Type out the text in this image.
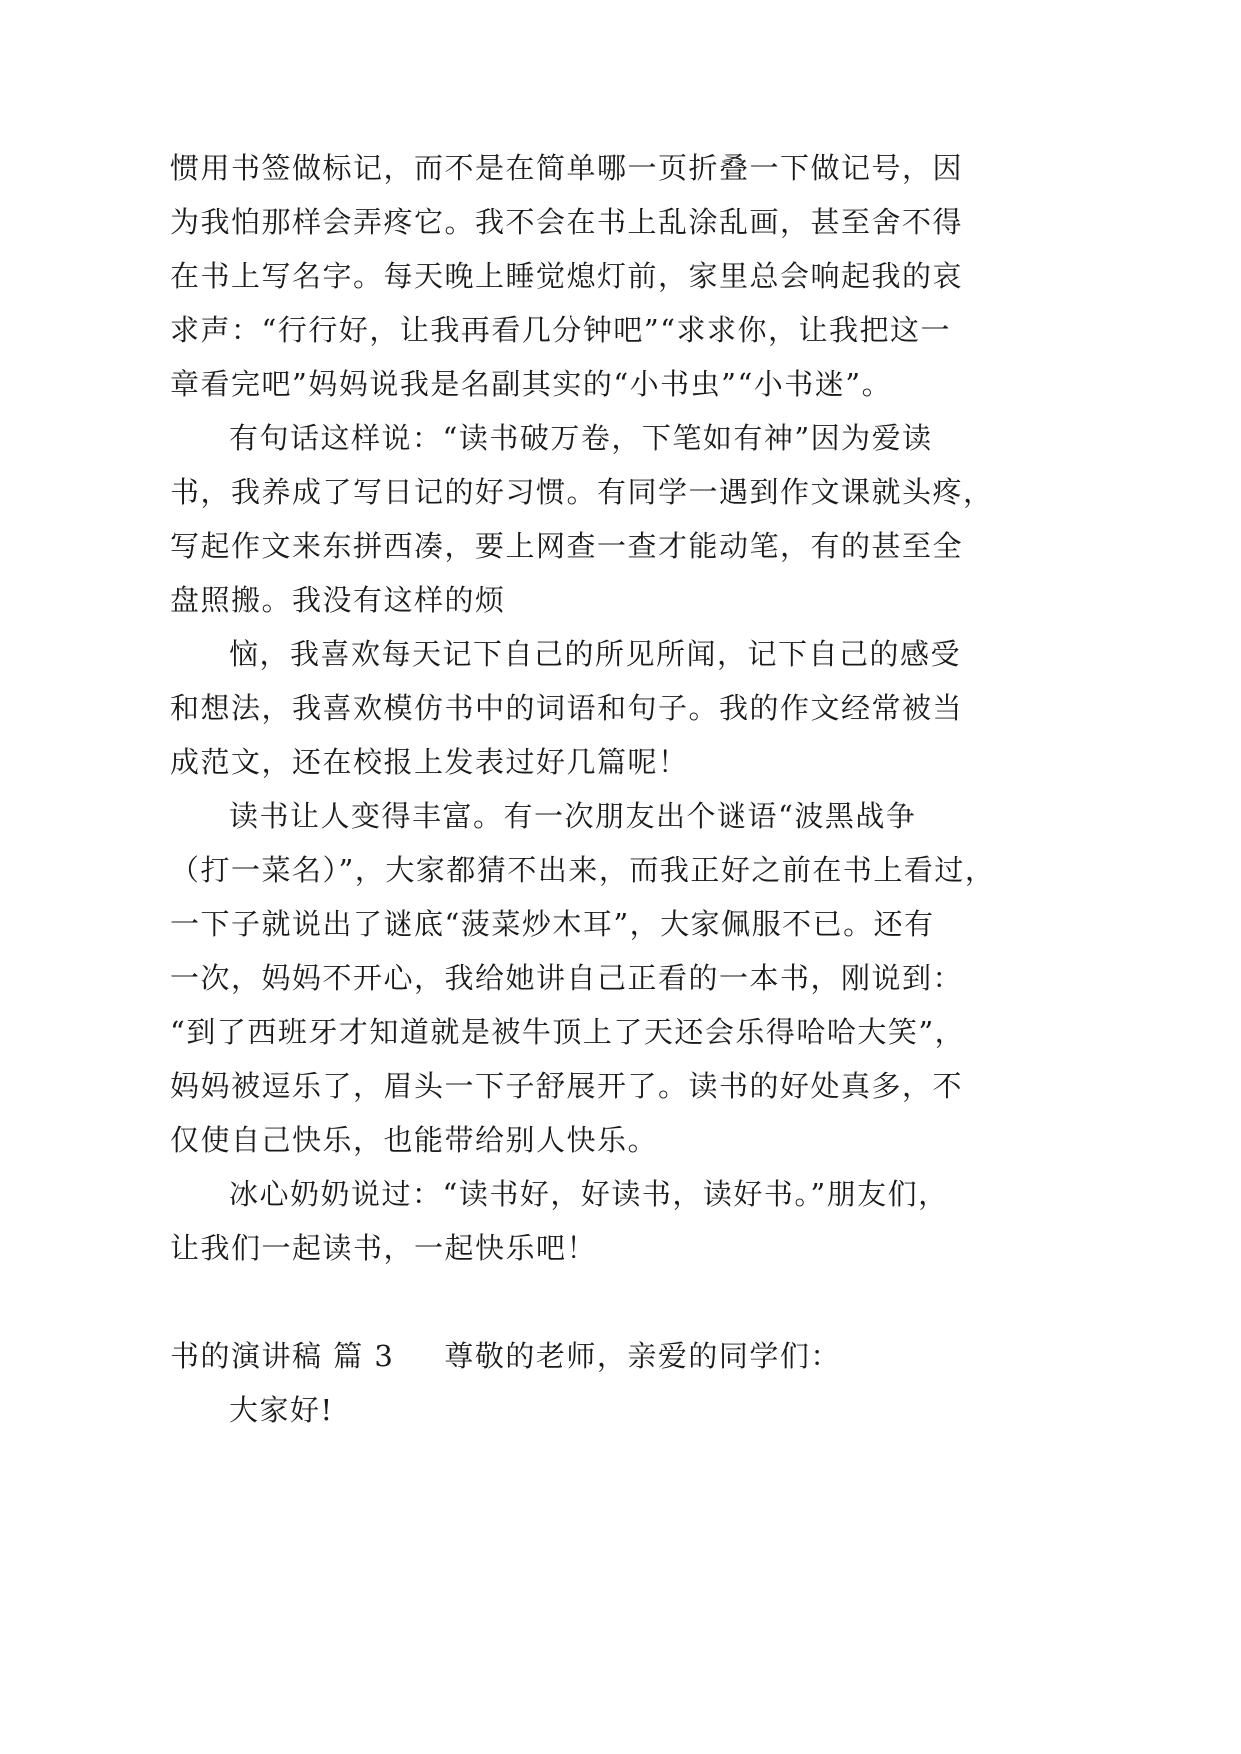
惯用书签做标记，而不是在简单哪一页折叠一下做记号，因
为我怕那样会弄疼它。我不会在书上乱涂乱画，甚至舍不得
在书上写名字。每天晚上睡觉熄灯前，家里总会响起我的哀
求声：“行行好，让我再看几分钟吧”“求求你，让我把这一
章看完吧”妈妈说我是名副其实的“小书虫”“小书迷”。
有句话这样说：“读书破万卷，下笔如有神”因为爱读
书，我养成了写日记的好习惯。有同学一遇到作文课就头疼，
写起作文来东拼西凑，要上网查一查才能动笔，有的甚至全
盘照搬。我没有这样的烦
恼，我喜欢每天记下自己的所见所闻，记下自己的感受
和想法，我喜欢模仿书中的词语和句子。我的作文经常被当
成范文，还在校报上发表过好几篇呢！
读书让人变得丰富。有一次朋友出个谜语“波黑战争
（打一菜名）”，大家都猜不出来，而我正好之前在书上看过，
一下子就说出了谜底“菠菜炒木耳”，大家佩服不已。还有
一次，妈妈不开心，我给她讲自己正看的一本书，刚说到：
“到了西班牙才知道就是被牛顶上了天还会乐得哈哈大笑”，
妈妈被逗乐了，眉头一下子舒展开了。读书的好处真多，不
仅使自己快乐，也能带给别人快乐。
冰心奶奶说过：“读书好，好读书，读好书。”朋友们，
让我们一起读书，一起快乐吧！
书的演讲稿 篇 3 尊敬的老师，亲爱的同学们：
大家好!
